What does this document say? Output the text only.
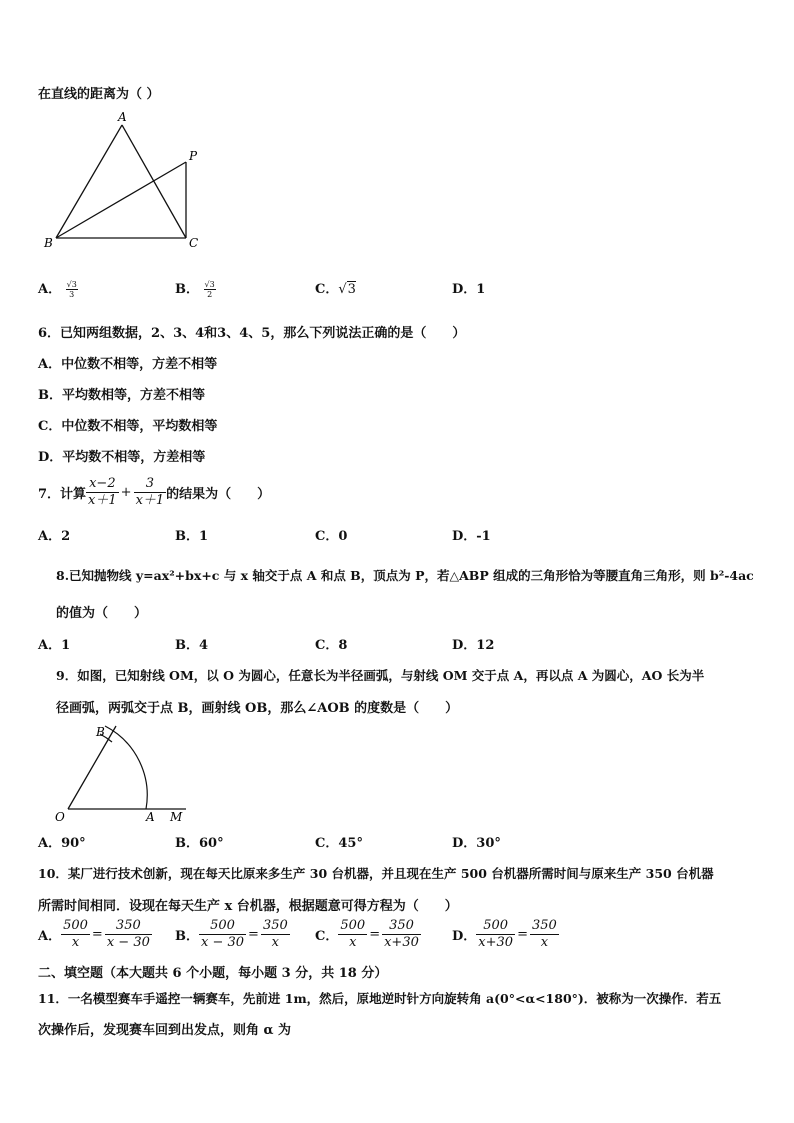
在直线的距离为（ ）
A
P
B	C
A． $\frac{√3}{3}$	B． $\frac{√3}{2}$	C．√3	D．1
6．已知两组数据，2、3、4和3、4、5，那么下列说法正确的是（　　）
A．中位数不相等，方差不相等
B．平均数相等，方差不相等
C．中位数不相等，平均数相等
D．平均数不相等，方差相等
7．计算 $\frac{x-2}{x+1} + \frac{3}{x+1}$ 的结果为（　　）
A．2	B．1	C．0	D．-1
8.已知抛物线 y=ax²+bx+c 与 x 轴交于点 A 和点 B，顶点为 P，若△ABP 组成的三角形恰为等腰直角三角形，则 b²-4ac
的值为（　　）
A．1	B．4	C．8	D．12
9．如图，已知射线 OM，以 O 为圆心，任意长为半径画弧，与射线 OM 交于点 A，再以点 A 为圆心，AO 长为半
径画弧，两弧交于点 B，画射线 OB，那么∠AOB 的度数是（　　）
B
O	A M
A．90°	B．60°	C．45°	D．30°
10．某厂进行技术创新，现在每天比原来多生产 30 台机器，并且现在生产 500 台机器所需时间与原来生产 350 台机器
所需时间相同．设现在每天生产 x 台机器，根据题意可得方程为（　　）
A． $\frac{500}{x} = \frac{350}{x - 30}$ B． $\frac{500}{x - 30} = \frac{350}{x}$ C． $\frac{500}{x} = \frac{350}{x+30}$ D． $\frac{500}{x+30} = \frac{350}{x}$
二、填空题（本大题共 6 个小题，每小题 3 分，共 18 分）
11．一名模型赛车手遥控一辆赛车，先前进 1m，然后，原地逆时针方向旋转角 a(0°<α<180°)．被称为一次操作．若五
次操作后，发现赛车回到出发点，则角 α 为
